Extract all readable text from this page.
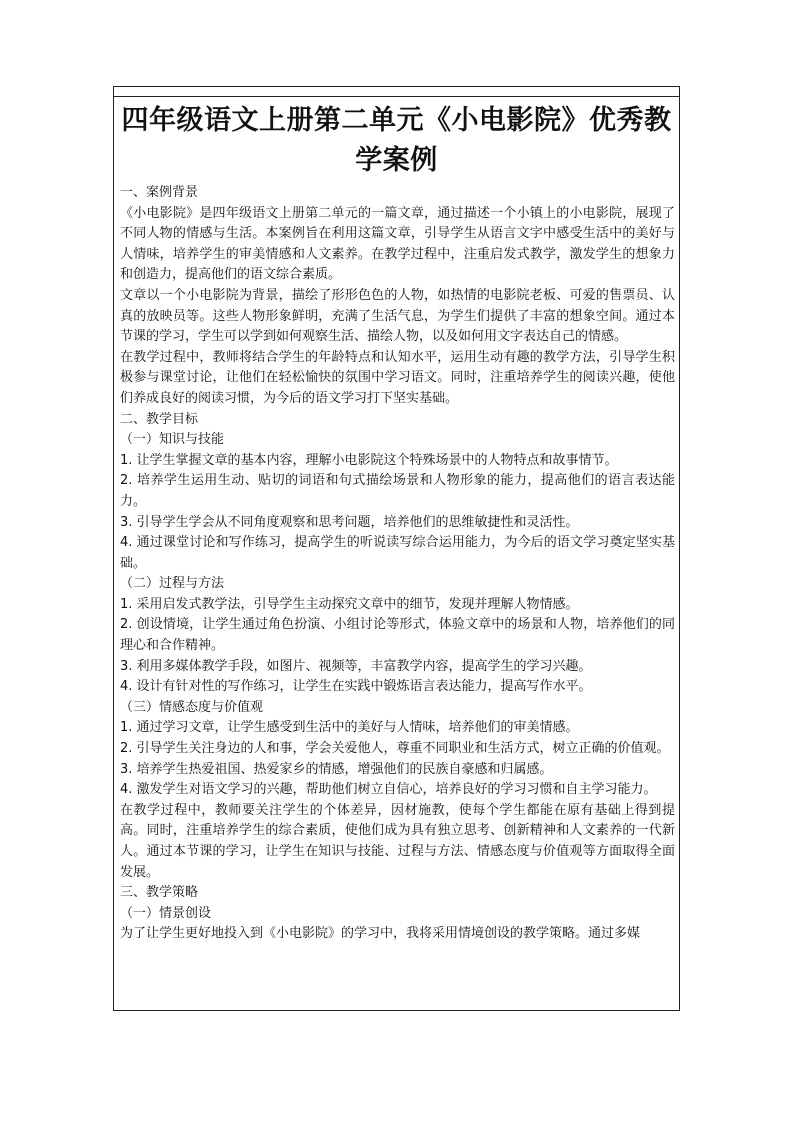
四年级语文上册第二单元《小电影院》优秀教学案例

一、案例背景

《小电影院》是四年级语文上册第二单元的一篇文章，通过描述一个小镇上的小电影院，展现了不同人物的情感与生活。本案例旨在利用这篇文章，引导学生从语言文字中感受生活中的美好与人情味，培养学生的审美情感和人文素养。在教学过程中，注重启发式教学，激发学生的想象力和创造力，提高他们的语文综合素质。

文章以一个小电影院为背景，描绘了形形色色的人物，如热情的电影院老板、可爱的售票员、认真的放映员等。这些人物形象鲜明，充满了生活气息，为学生们提供了丰富的想象空间。通过本节课的学习，学生可以学到如何观察生活、描绘人物，以及如何用文字表达自己的情感。

在教学过程中，教师将结合学生的年龄特点和认知水平，运用生动有趣的教学方法，引导学生积极参与课堂讨论，让他们在轻松愉快的氛围中学习语文。同时，注重培养学生的阅读兴趣，使他们养成良好的阅读习惯，为今后的语文学习打下坚实基础。

二、教学目标

（一）知识与技能

1. 让学生掌握文章的基本内容，理解小电影院这个特殊场景中的人物特点和故事情节。

2. 培养学生运用生动、贴切的词语和句式描绘场景和人物形象的能力，提高他们的语言表达能力。

3. 引导学生学会从不同角度观察和思考问题，培养他们的思维敏捷性和灵活性。

4. 通过课堂讨论和写作练习，提高学生的听说读写综合运用能力，为今后的语文学习奠定坚实基础。

（二）过程与方法

1. 采用启发式教学法，引导学生主动探究文章中的细节，发现并理解人物情感。

2. 创设情境，让学生通过角色扮演、小组讨论等形式，体验文章中的场景和人物，培养他们的同理心和合作精神。

3. 利用多媒体教学手段，如图片、视频等，丰富教学内容，提高学生的学习兴趣。

4. 设计有针对性的写作练习，让学生在实践中锻炼语言表达能力，提高写作水平。

（三）情感态度与价值观

1. 通过学习文章，让学生感受到生活中的美好与人情味，培养他们的审美情感。

2. 引导学生关注身边的人和事，学会关爱他人，尊重不同职业和生活方式，树立正确的价值观。

3. 培养学生热爱祖国、热爱家乡的情感，增强他们的民族自豪感和归属感。

4. 激发学生对语文学习的兴趣，帮助他们树立自信心，培养良好的学习习惯和自主学习能力。

在教学过程中，教师要关注学生的个体差异，因材施教，使每个学生都能在原有基础上得到提高。同时，注重培养学生的综合素质，使他们成为具有独立思考、创新精神和人文素养的一代新人。通过本节课的学习，让学生在知识与技能、过程与方法、情感态度与价值观等方面取得全面发展。

三、教学策略

（一）情景创设

为了让学生更好地投入到《小电影院》的学习中，我将采用情境创设的教学策略。通过多媒
